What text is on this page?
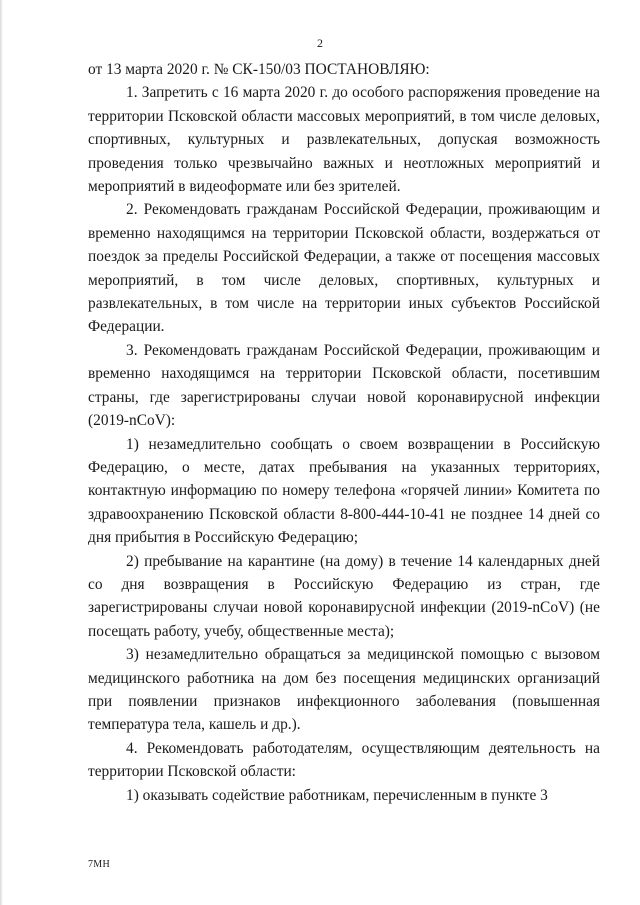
2

от 13 марта 2020 г. № СК-150/03 ПОСТАНОВЛЯЮ:

1. Запретить с 16 марта 2020 г. до особого распоряжения проведение на территории Псковской области массовых мероприятий, в том числе деловых, спортивных, культурных и развлекательных, допуская возможность проведения только чрезвычайно важных и неотложных мероприятий и мероприятий в видеоформате или без зрителей.

2. Рекомендовать гражданам Российской Федерации, проживающим и временно находящимся на территории Псковской области, воздержаться от поездок за пределы Российской Федерации, а также от посещения массовых мероприятий, в том числе деловых, спортивных, культурных и развлекательных, в том числе на территории иных субъектов Российской Федерации.

3. Рекомендовать гражданам Российской Федерации, проживающим и временно находящимся на территории Псковской области, посетившим страны, где зарегистрированы случаи новой коронавирусной инфекции (2019-nCoV):

1) незамедлительно сообщать о своем возвращении в Российскую Федерацию, о месте, датах пребывания на указанных территориях, контактную информацию по номеру телефона «горячей линии» Комитета по здравоохранению Псковской области 8-800-444-10-41 не позднее 14 дней со дня прибытия в Российскую Федерацию;

2) пребывание на карантине (на дому) в течение 14 календарных дней со дня возвращения в Российскую Федерацию из стран, где зарегистрированы случаи новой коронавирусной инфекции (2019-nCoV) (не посещать работу, учебу, общественные места);

3) незамедлительно обращаться за медицинской помощью с вызовом медицинского работника на дом без посещения медицинских организаций при появлении признаков инфекционного заболевания (повышенная температура тела, кашель и др.).

4. Рекомендовать работодателям, осуществляющим деятельность на территории Псковской области:

1) оказывать содействие работникам, перечисленным в пункте 3

7МН
